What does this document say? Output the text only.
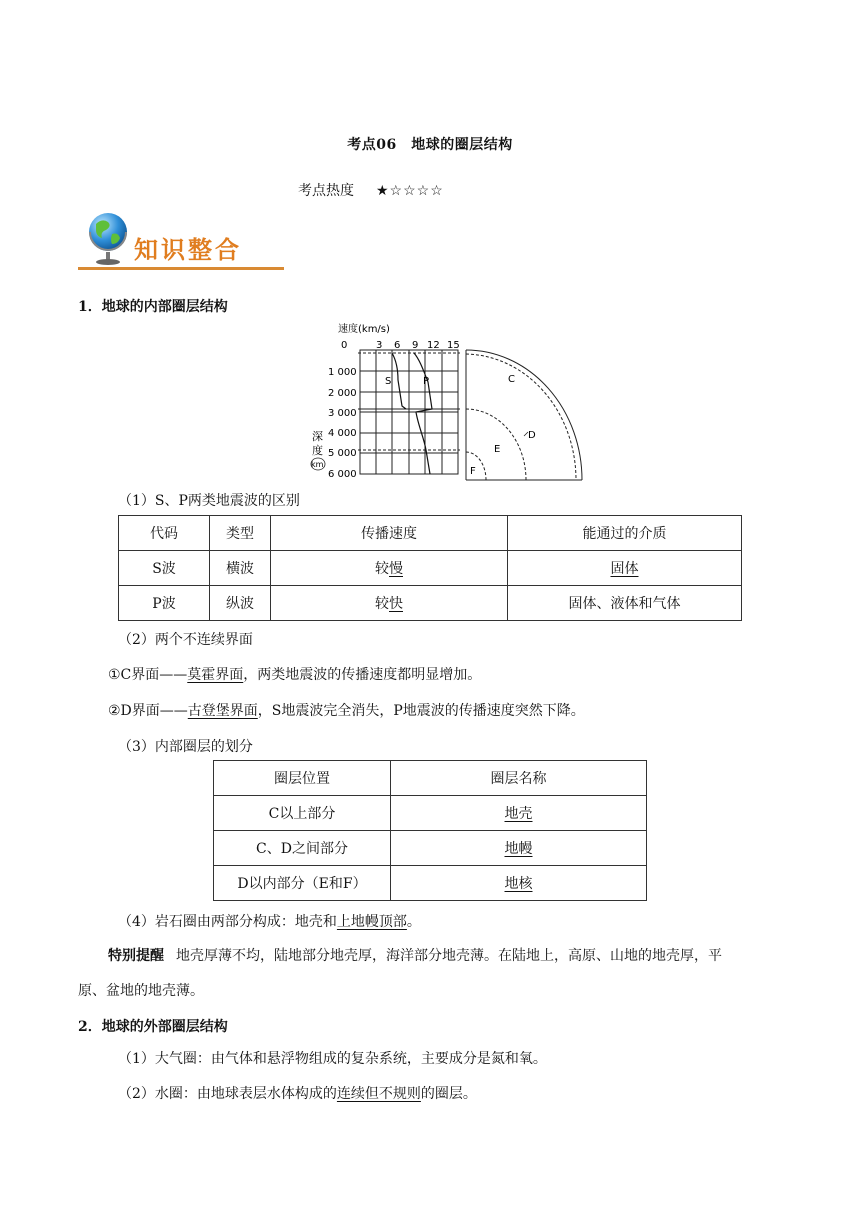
考点06　地球的圈层结构
考点热度 ★☆☆☆☆
知识整合
1．地球的内部圈层结构
速度(km/s)
0	3 6 9 12 15
S	P
1 000
2 000
3 000
4 000
5 000
6 000
深
度
km
C
D
E
F
（1）S、P两类地震波的区别
代码	类型	传播速度	能通过的介质
S波	横波	较慢	固体
P波	纵波	较快	固体、液体和气体
（2）两个不连续界面
①C界面——莫霍界面，两类地震波的传播速度都明显增加。
②D界面——古登堡界面，S地震波完全消失，P地震波的传播速度突然下降。
（3）内部圈层的划分
圈层位置	圈层名称
C以上部分	地壳
C、D之间部分	地幔
D以内部分（E和F）	地核
（4）岩石圈由两部分构成：地壳和上地幔顶部。
特别提醒 地壳厚薄不均，陆地部分地壳厚，海洋部分地壳薄。在陆地上，高原、山地的地壳厚，平
原、盆地的地壳薄。
2．地球的外部圈层结构
（1）大气圈：由气体和悬浮物组成的复杂系统，主要成分是氮和氧。
（2）水圈：由地球表层水体构成的连续但不规则的圈层。
